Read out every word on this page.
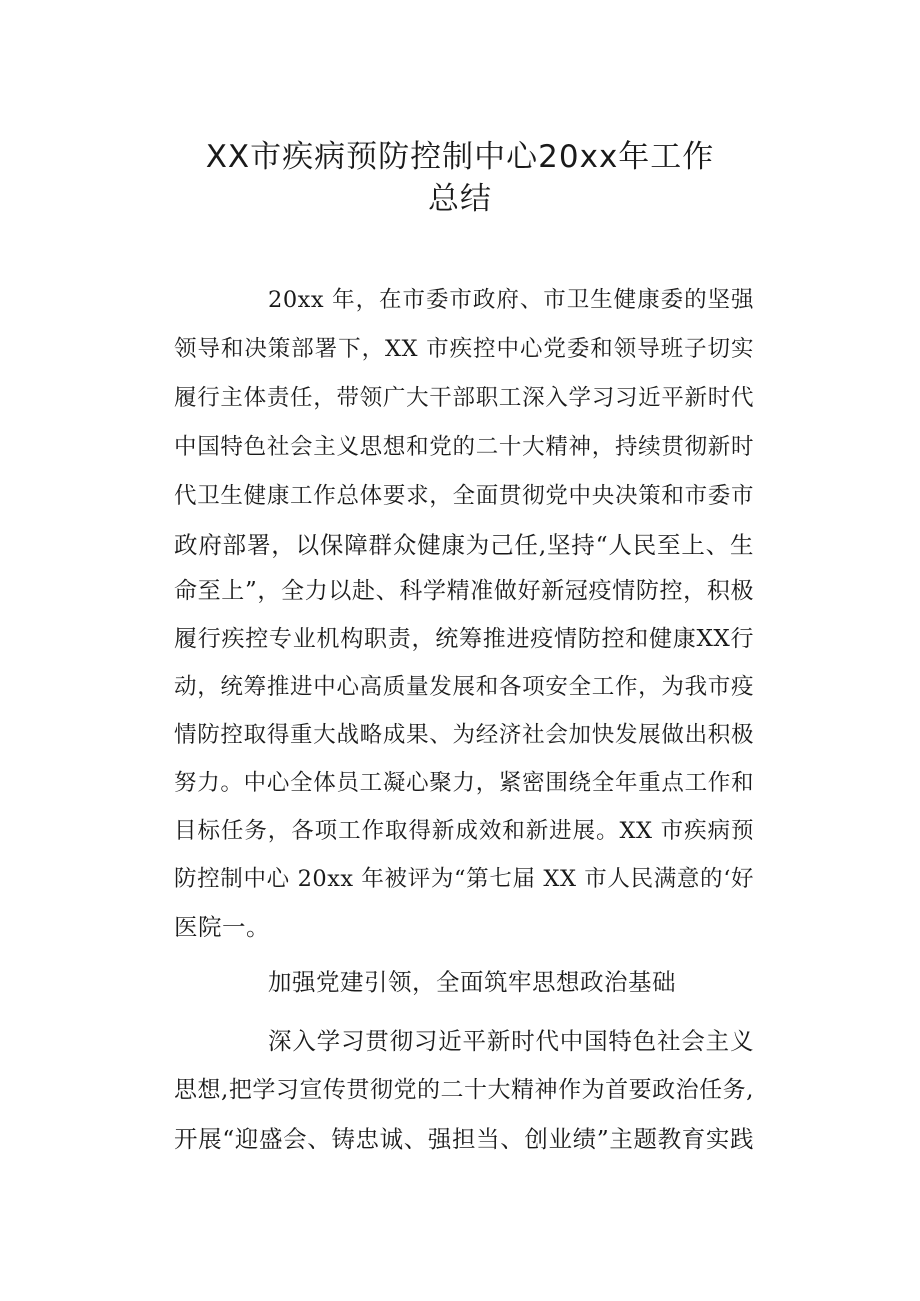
XX市疾病预防控制中心20xx年工作
总结
20xx 年，在市委市政府、市卫生健康委的坚强
领导和决策部署下，XX 市疾控中心党委和领导班子切实
履行主体责任，带领广大干部职工深入学习习近平新时代
中国特色社会主义思想和党的二十大精神，持续贯彻新时
代卫生健康工作总体要求，全面贯彻党中央决策和市委市
政府部署，以保障群众健康为己任,坚持“人民至上、生
命至上”，全力以赴、科学精准做好新冠疫情防控，积极
履行疾控专业机构职责，统筹推进疫情防控和健康XX行
动，统筹推进中心高质量发展和各项安全工作，为我市疫
情防控取得重大战略成果、为经济社会加快发展做出积极
努力。中心全体员工凝心聚力，紧密围绕全年重点工作和
目标任务，各项工作取得新成效和新进展。XX 市疾病预
防控制中心 20xx 年被评为“第七届 XX 市人民满意的‘好
医院一。
加强党建引领，全面筑牢思想政治基础
深入学习贯彻习近平新时代中国特色社会主义
思想,把学习宣传贯彻党的二十大精神作为首要政治任务,
开展“迎盛会、铸忠诚、强担当、创业绩”主题教育实践
